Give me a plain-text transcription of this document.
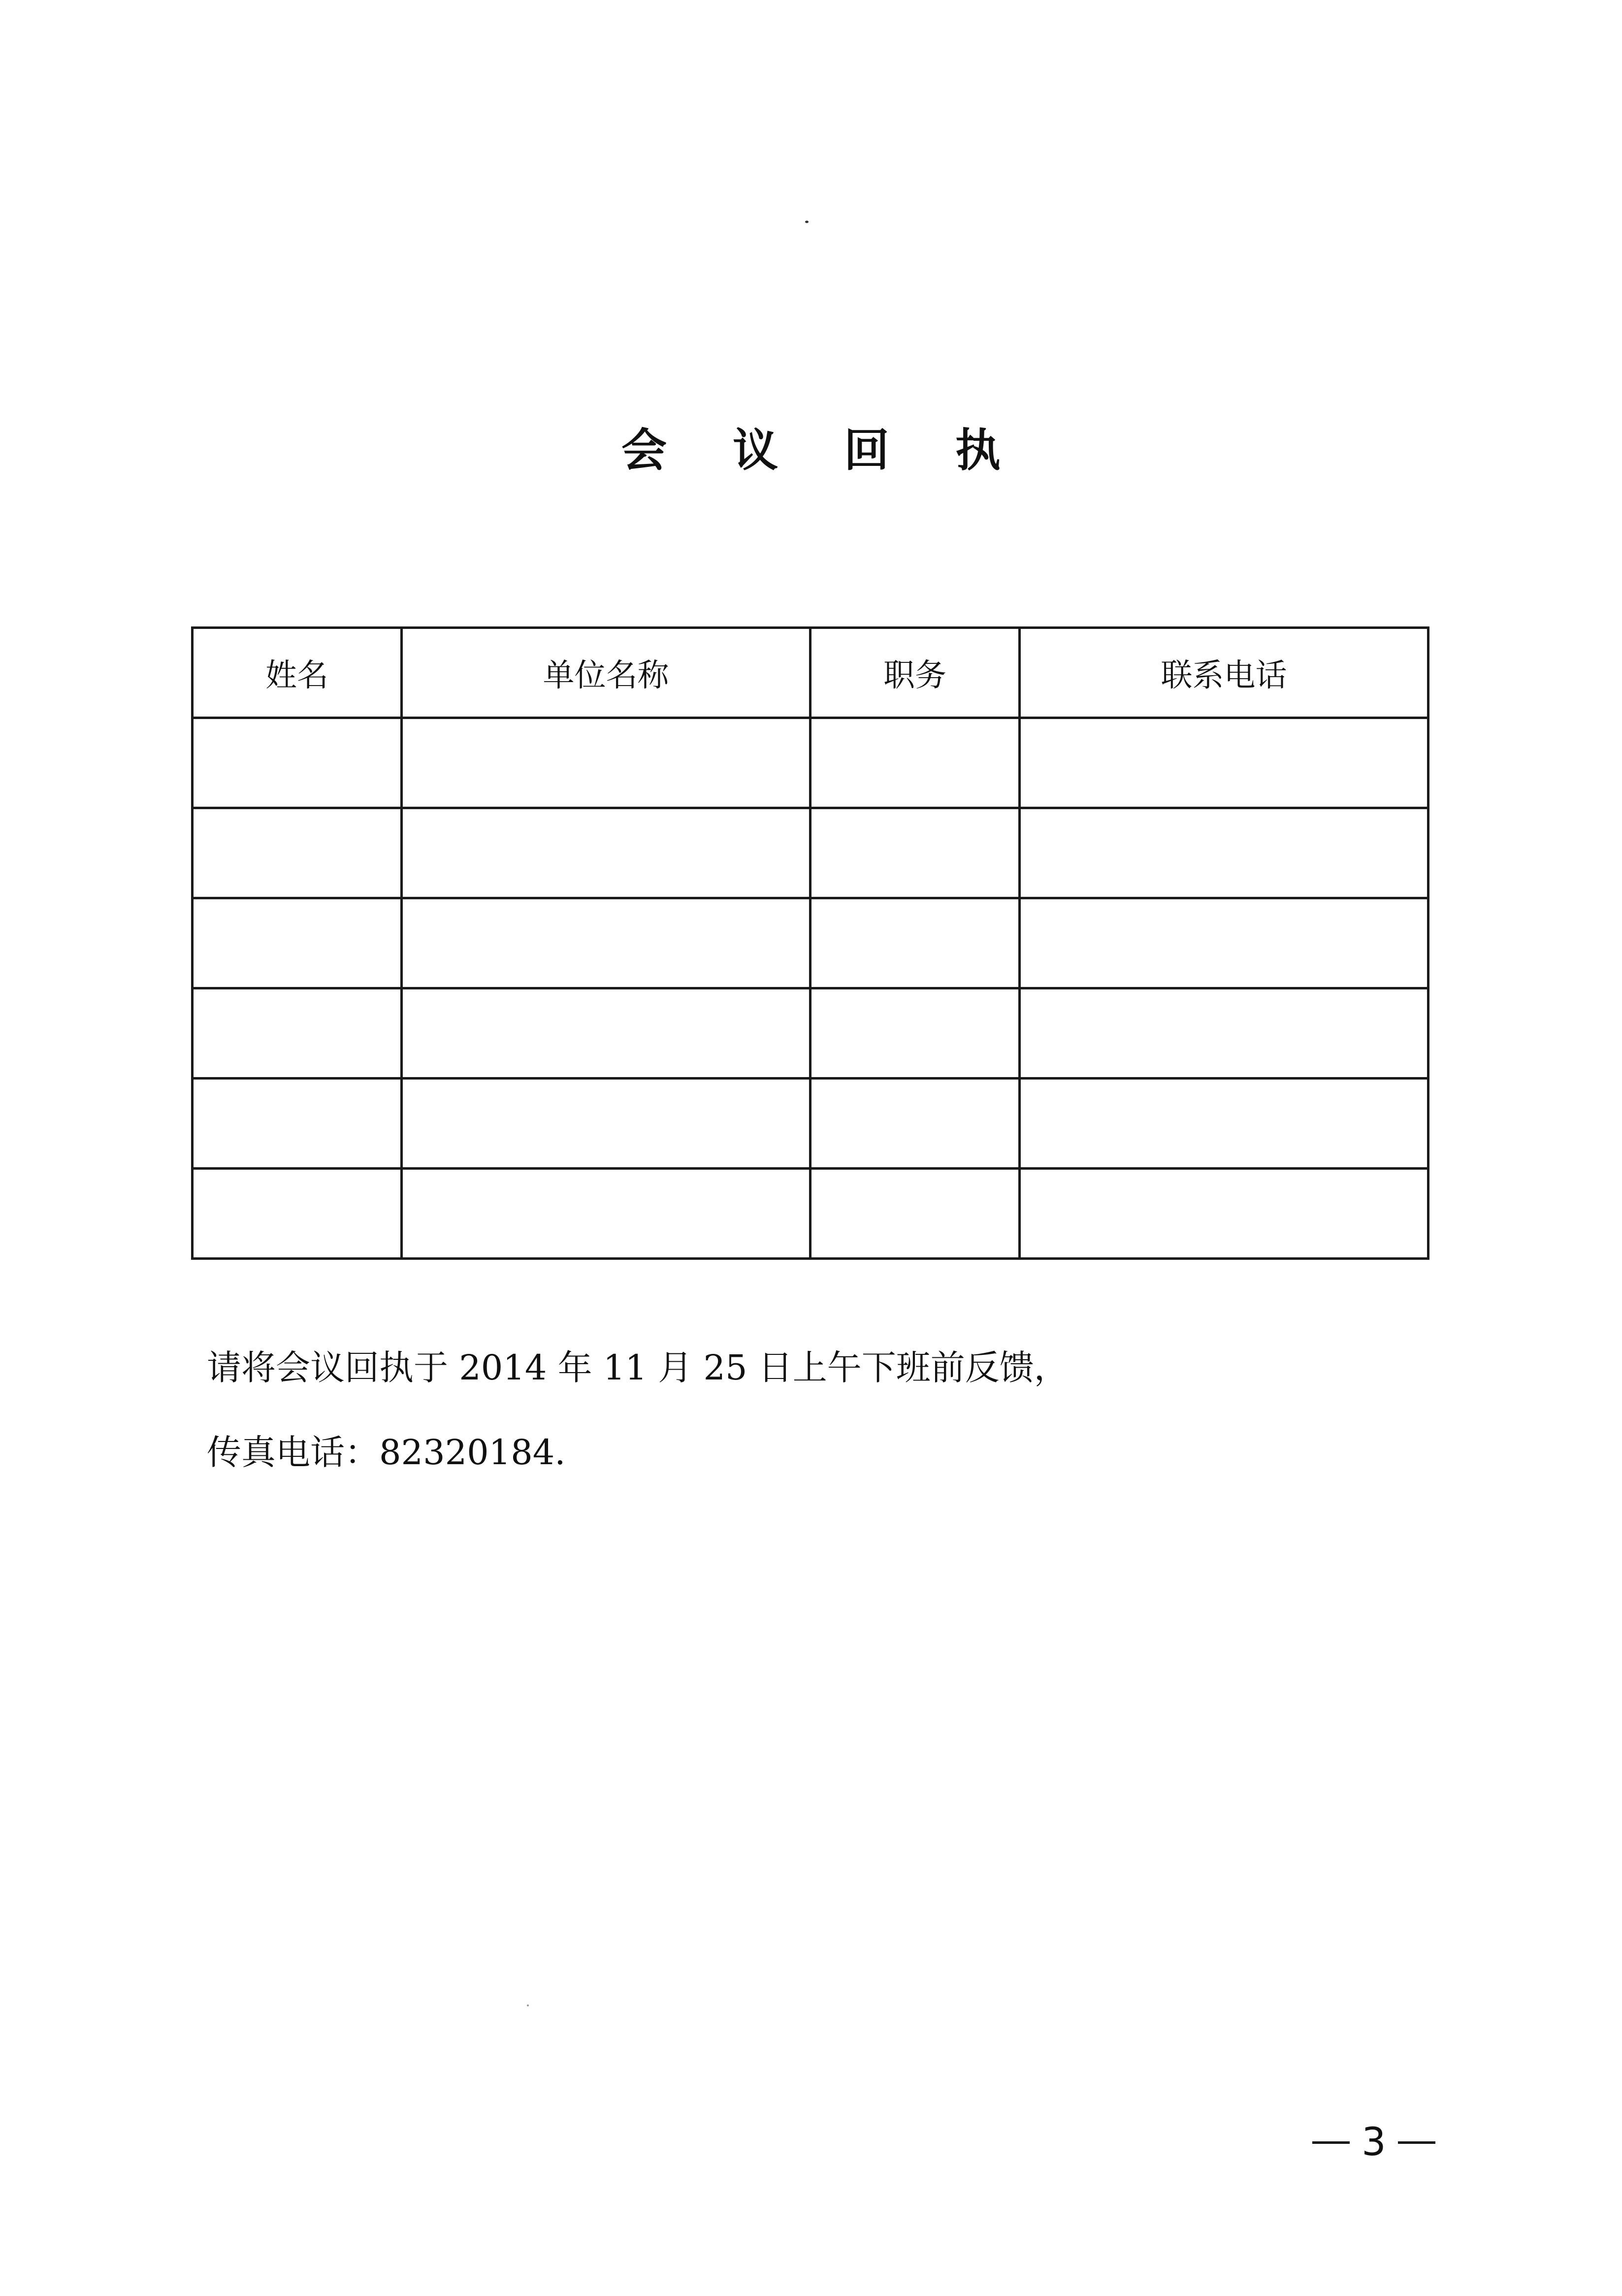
会 议 回 执
姓名	单位名称	职务	联系电话

请将会议回执于 2014 年 11 月 25 日上午下班前反馈，
传真电话：82320184.
3
